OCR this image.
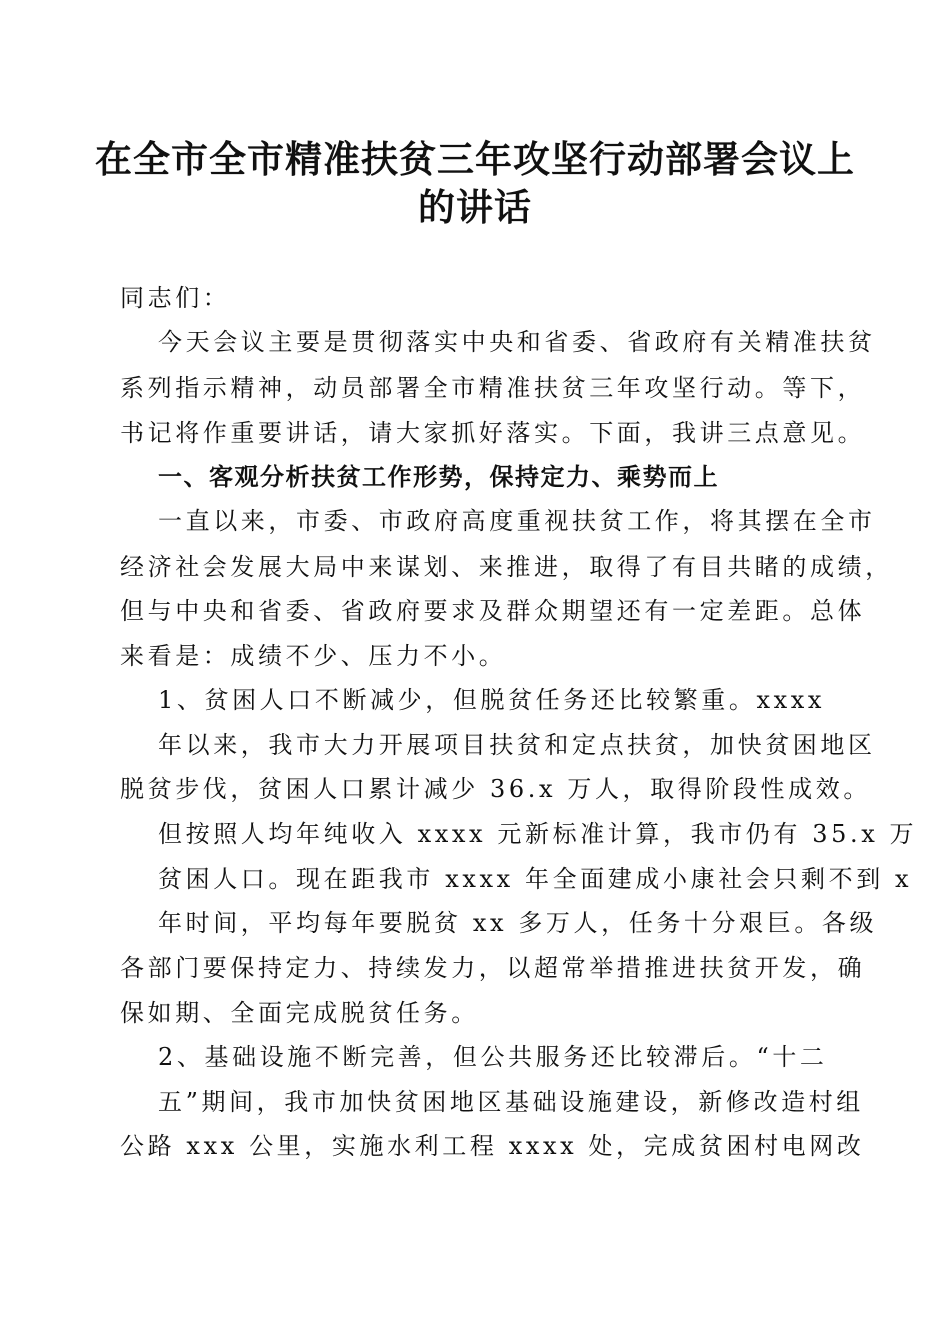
在全市全市精准扶贫三年攻坚行动部署会议上
的讲话

同志们：

今天会议主要是贯彻落实中央和省委、省政府有关精准扶贫

系列指示精神，动员部署全市精准扶贫三年攻坚行动。等下，

书记将作重要讲话，请大家抓好落实。下面，我讲三点意见。

一、客观分析扶贫工作形势，保持定力、乘势而上

一直以来，市委、市政府高度重视扶贫工作，将其摆在全市

经济社会发展大局中来谋划、来推进，取得了有目共睹的成绩，

但与中央和省委、省政府要求及群众期望还有一定差距。总体

来看是：成绩不少、压力不小。

1、贫困人口不断减少，但脱贫任务还比较繁重。xxxx

年以来，我市大力开展项目扶贫和定点扶贫，加快贫困地区

脱贫步伐，贫困人口累计减少 36.x 万人，取得阶段性成效。

但按照人均年纯收入 xxxx 元新标准计算，我市仍有 35.x 万

贫困人口。现在距我市 xxxx 年全面建成小康社会只剩不到 x

年时间，平均每年要脱贫 xx 多万人，任务十分艰巨。各级

各部门要保持定力、持续发力，以超常举措推进扶贫开发，确

保如期、全面完成脱贫任务。

2、基础设施不断完善，但公共服务还比较滞后。“十二

五”期间，我市加快贫困地区基础设施建设，新修改造村组

公路 xxx 公里，实施水利工程 xxxx 处，完成贫困村电网改
